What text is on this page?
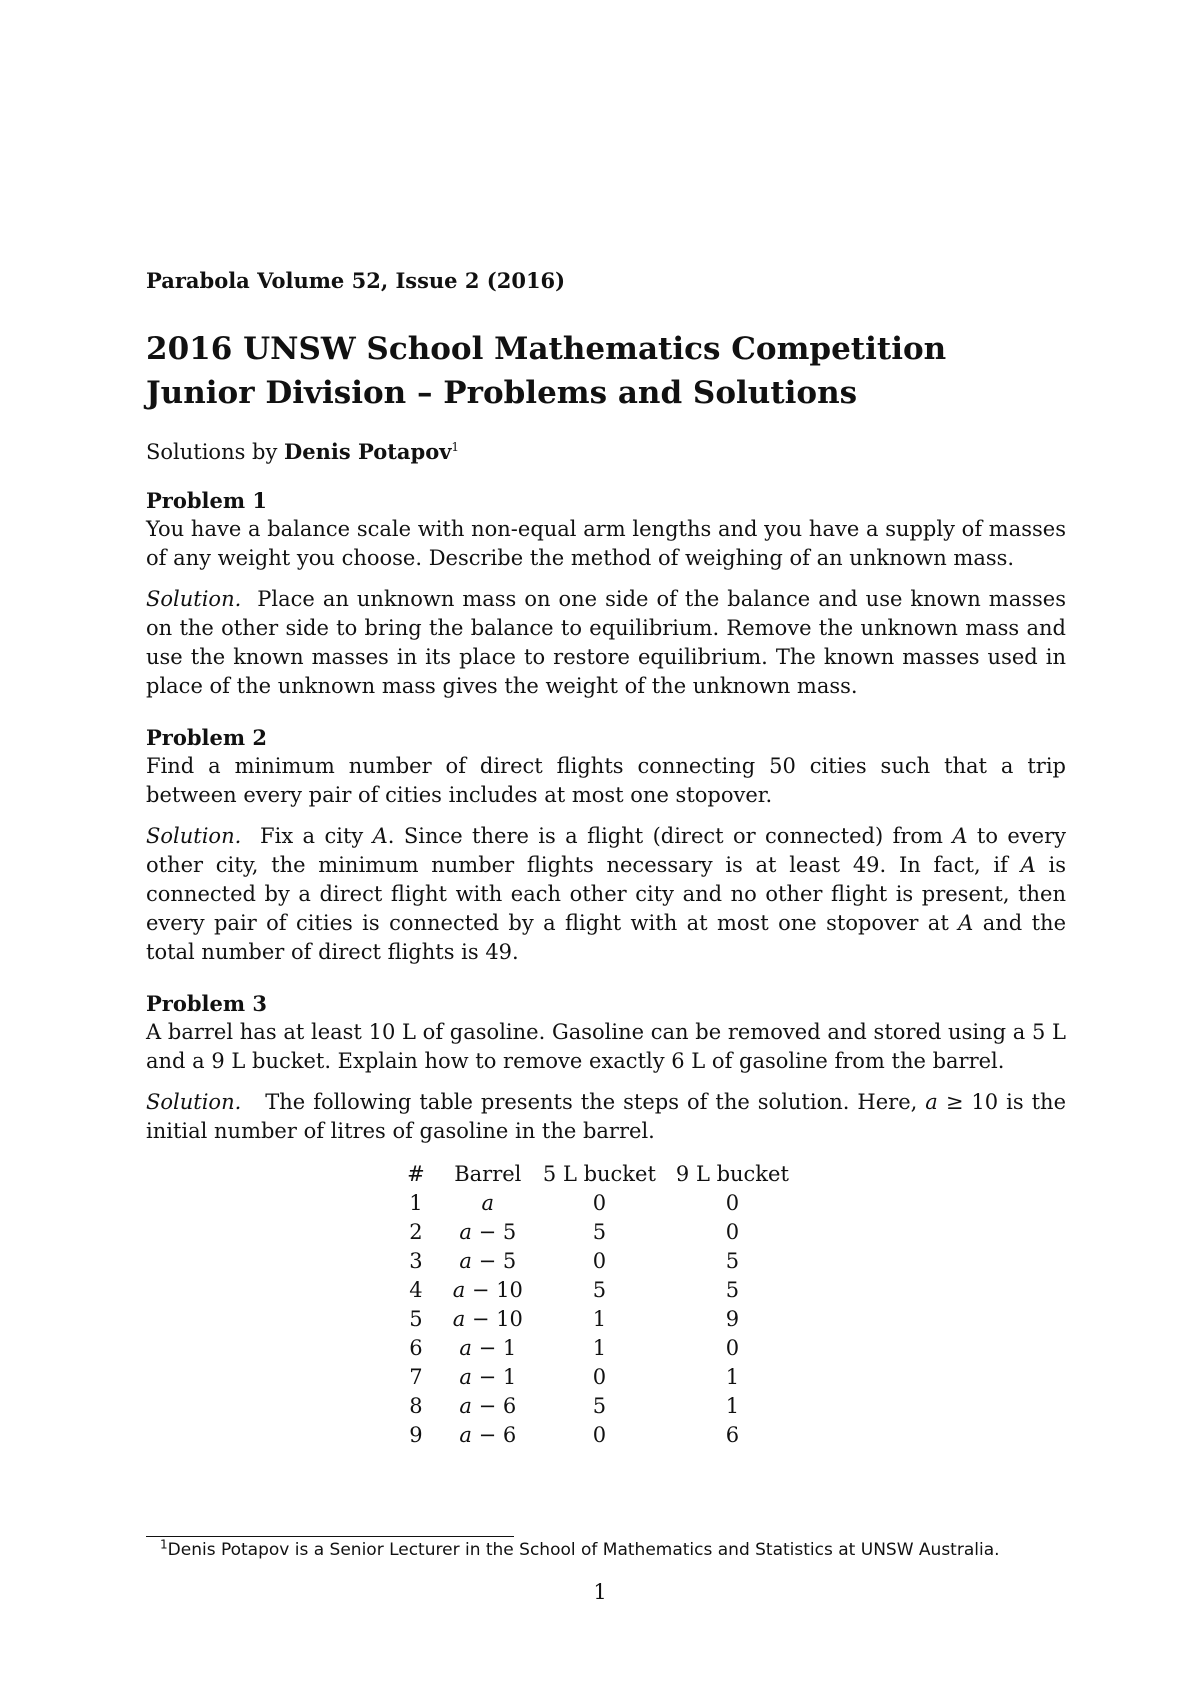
Parabola Volume 52, Issue 2 (2016)

2016 UNSW School Mathematics Competition
Junior Division – Problems and Solutions

Solutions by Denis Potapov$^1$

Problem 1

You have a balance scale with non-equal arm lengths and you have a supply of masses of any weight you choose. Describe the method of weighing of an unknown mass.

Solution. Place an unknown mass on one side of the balance and use known masses on the other side to bring the balance to equilibrium. Remove the unknown mass and use the known masses in its place to restore equilibrium. The known masses used in place of the unknown mass gives the weight of the unknown mass.

Problem 2

Find a minimum number of direct flights connecting 50 cities such that a trip between every pair of cities includes at most one stopover.

Solution. Fix a city A. Since there is a flight (direct or connected) from A to every other city, the minimum number flights necessary is at least 49. In fact, if A is connected by a direct flight with each other city and no other flight is present, then every pair of cities is connected by a flight with at most one stopover at A and the total number of direct flights is 49.

Problem 3

A barrel has at least 10 L of gasoline. Gasoline can be removed and stored using a 5 L and a 9 L bucket. Explain how to remove exactly 6 L of gasoline from the barrel.

Solution. The following table presents the steps of the solution. Here, a ≥ 10 is the initial number of litres of gasoline in the barrel.

#	Barrel	5 L bucket	9 L bucket
1	a	0	0
2	a − 5	5	0
3	a − 5	0	5
4	a − 10	5	5
5	a − 10	1	9
6	a − 1	1	0
7	a − 1	0	1
8	a − 6	5	1
9	a − 6	0	6
$^1$Denis Potapov is a Senior Lecturer in the School of Mathematics and Statistics at UNSW Australia.
1
